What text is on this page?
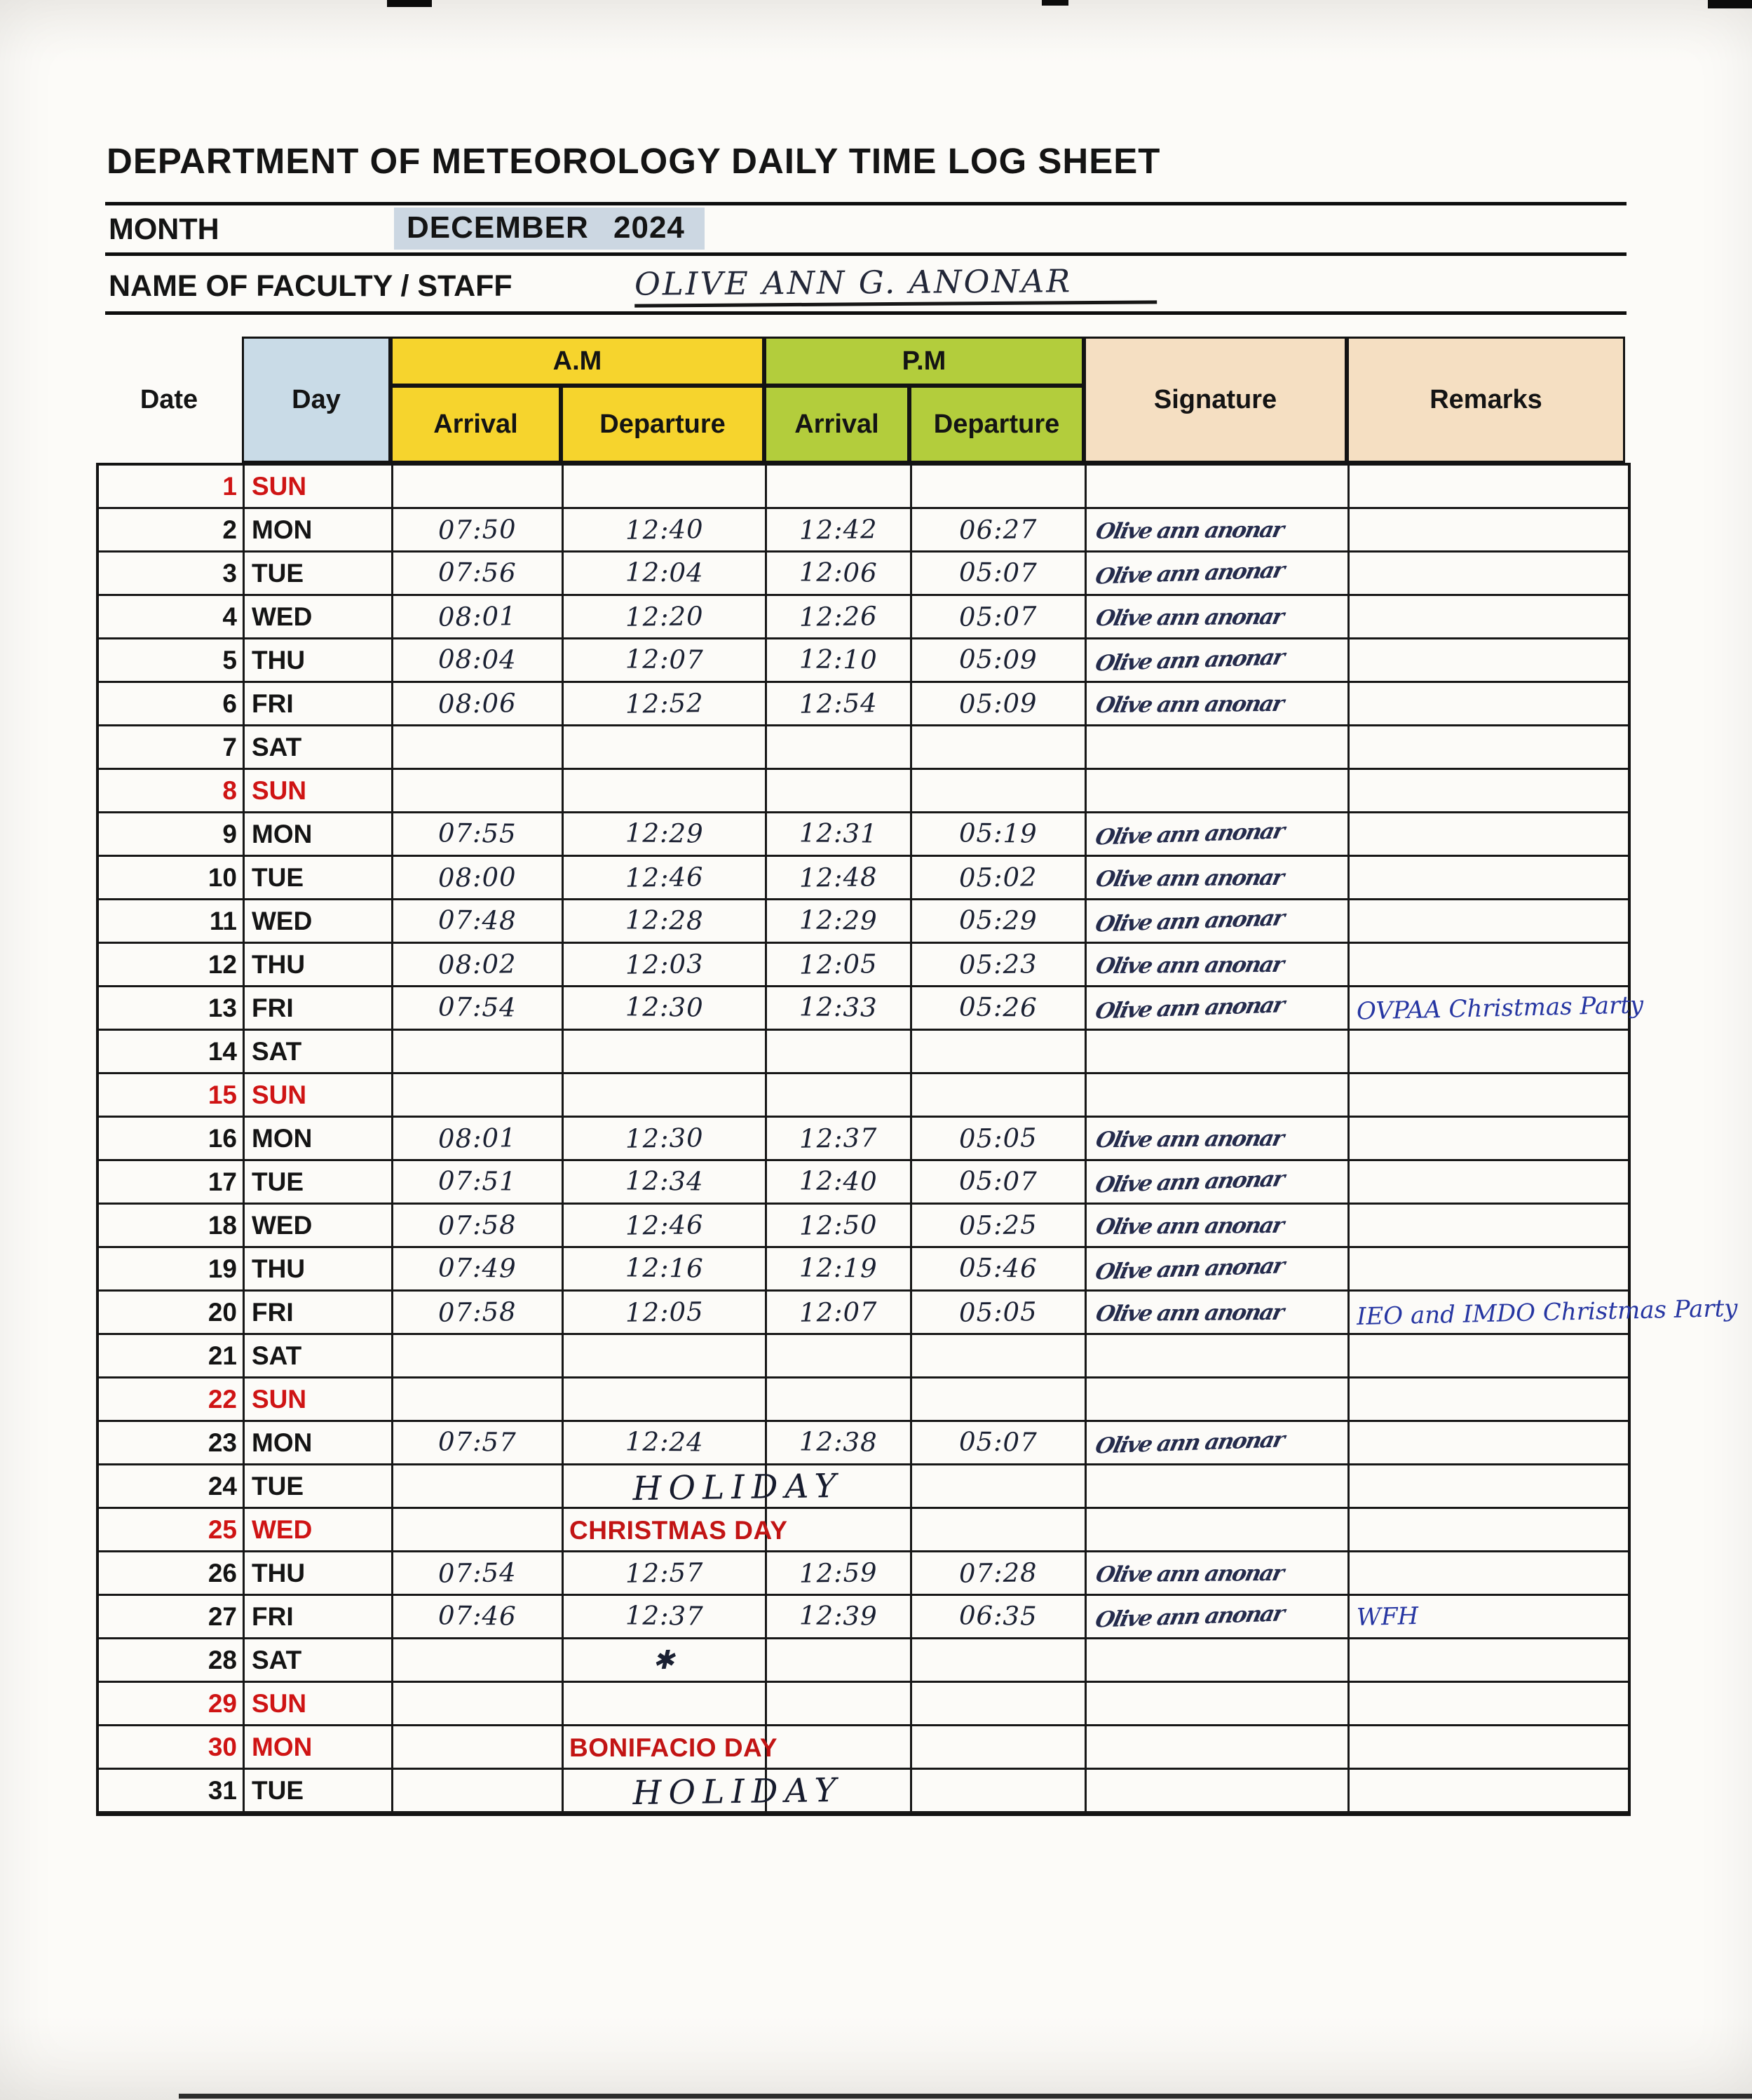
DEPARTMENT OF METEOROLOGY DAILY TIME LOG SHEET
MONTH	DECEMBER 2024
NAME OF FACULTY / STAFF	OLIVE ANN G. ANONAR
Date	Day
A.M	P.M
Arrival	Departure	Arrival	Departure
Signature	Remarks
1 SUN
2 MON	07:50	12:40	12:42	06:27	Olive ann anonar
3 TUE	07:56	12:04	12:06	05:07	Olive ann anonar
4 WED	08:01	12:20	12:26	05:07	Olive ann anonar
5 THU	08:04	12:07	12:10	05:09	Olive ann anonar
6 FRI	08:06	12:52	12:54	05:09	Olive ann anonar
7 SAT
8 SUN
9 MON	07:55	12:29	12:31	05:19	Olive ann anonar
10 TUE	08:00	12:46	12:48	05:02	Olive ann anonar
11 WED	07:48	12:28	12:29	05:29	Olive ann anonar
12 THU	08:02	12:03	12:05	05:23	Olive ann anonar
13 FRI	07:54	12:30	12:33	05:26	Olive ann anonar	OVPAA Christmas Party
14 SAT
15 SUN
16 MON	08:01	12:30	12:37	05:05	Olive ann anonar
17 TUE	07:51	12:34	12:40	05:07	Olive ann anonar
18 WED	07:58	12:46	12:50	05:25	Olive ann anonar
19 THU	07:49	12:16	12:19	05:46	Olive ann anonar
20 FRI	07:58	12:05	12:07	05:05	Olive ann anonar	IEO and IMDO Christmas Party
21 SAT
22 SUN
23 MON	07:57	12:24	12:38	05:07	Olive ann anonar
24 TUE	HOLIDAY
25 WED	CHRISTMAS DAY
26 THU	07:54	12:57	12:59	07:28	Olive ann anonar
27 FRI	07:46	12:37	12:39	06:35	Olive ann anonar	WFH
28 SAT	✱
29 SUN
30 MON	BONIFACIO DAY
31 TUE	HOLIDAY
